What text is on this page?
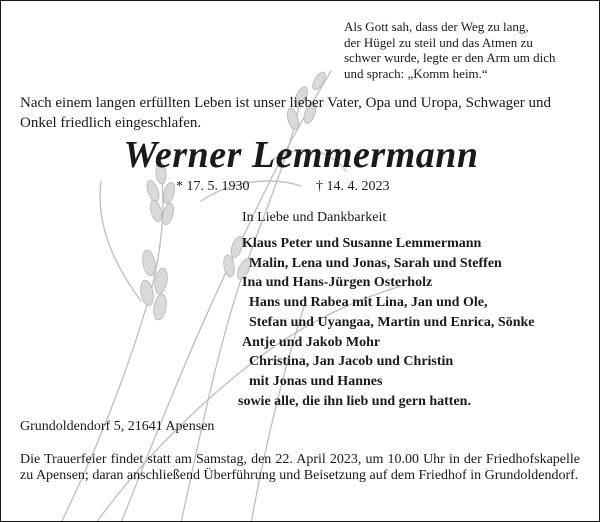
Als Gott sah, dass der Weg zu lang,
der Hügel zu steil und das Atmen zu
schwer wurde, legte er den Arm um dich
und sprach: „Komm heim.“

Nach einem langen erfüllten Leben ist unser lieber Vater, Opa und Uropa, Schwager und Onkel friedlich eingeschlafen.

Werner Lemmermann
* 17. 5. 1930	† 14. 4. 2023
In Liebe und Dankbarkeit
Klaus Peter und Susanne Lemmermann
Malin, Lena und Jonas, Sarah und Steffen
Ina und Hans-Jürgen Osterholz
Hans und Rabea mit Lina, Jan und Ole,
Stefan und Uyangaa, Martin und Enrica, Sönke
Antje und Jakob Mohr
Christina, Jan Jacob und Christin
mit Jonas und Hannes
sowie alle, die ihn lieb und gern hatten.
Grundoldendorf 5, 21641 Apensen

Die Trauerfeier findet statt am Samstag, den 22. April 2023, um 10.00 Uhr in der Friedhofskapelle zu Apensen; daran anschließend Überführung und Beisetzung auf dem Friedhof in Grundoldendorf.
